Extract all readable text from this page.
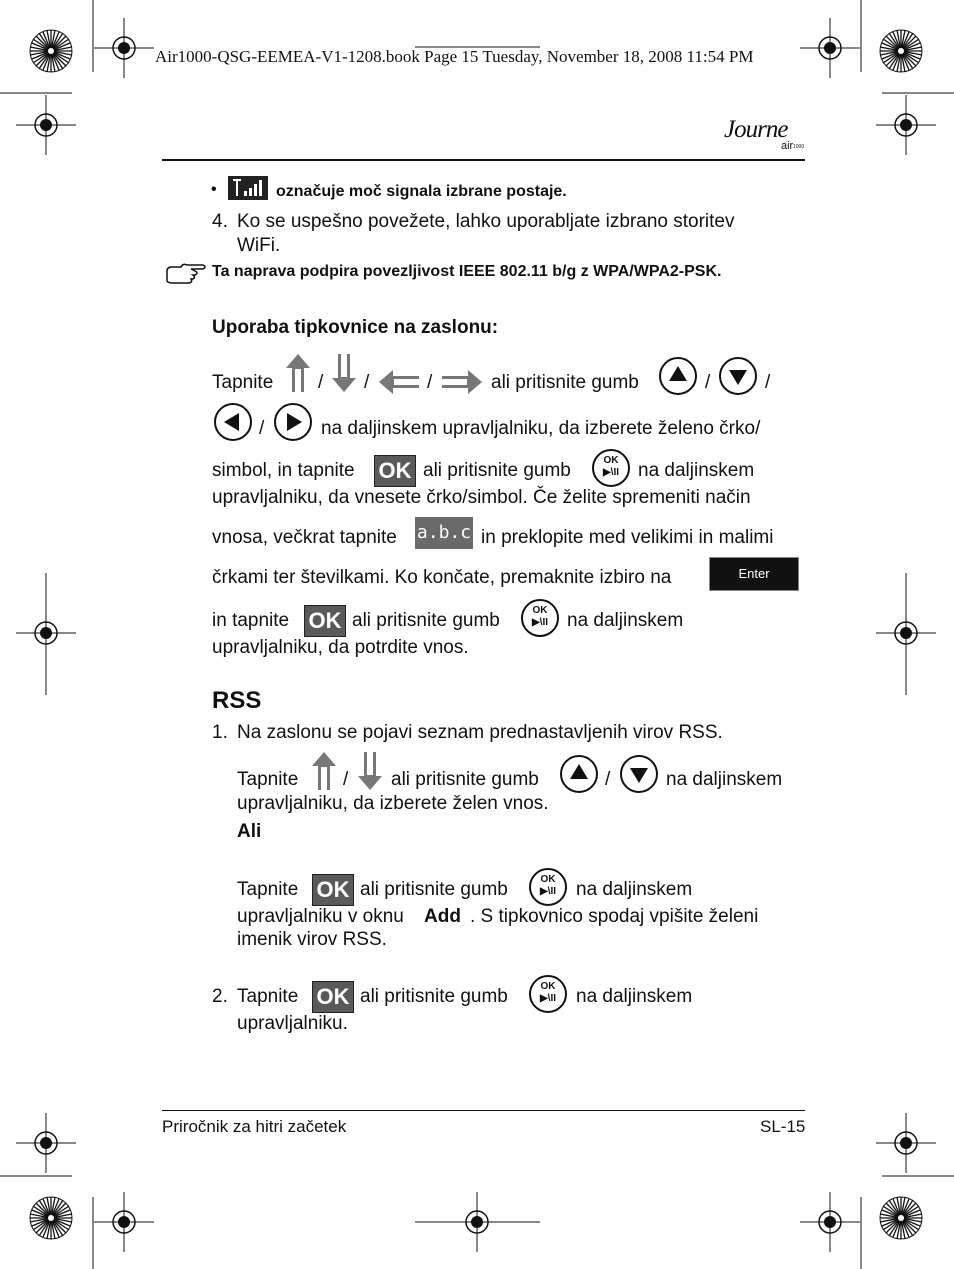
Air1000-QSG-EEMEA-V1-1208.book Page 15 Tuesday, November 18, 2008 11:54 PM
Journe
air 1000
•	označuje moč signala izbrane postaje.
4. Ko se uspešno povežete, lahko uporabljate izbrano storitev
WiFi.
Ta naprava podpira povezljivost IEEE 802.11 b/g z WPA/WPA2-PSK.
Uporaba tipkovnice na zaslonu:
Tapnite / /	/	ali pritisnite gumb	/	/
/	na daljinskem upravljalniku, da izberete želeno črko/
simbol, in tapnite OK ali pritisnite gumb	OK
▶\II na daljinskem
upravljalniku, da vnesete črko/simbol. Če želite spremeniti način
vnosa, večkrat tapnite a.b.c in preklopite med velikimi in malimi
črkami ter številkami. Ko končate, premaknite izbiro na	Enter
in tapnite OK ali pritisnite gumb	OK
▶\II na daljinskem
upravljalniku, da potrdite vnos.
RSS
1. Na zaslonu se pojavi seznam prednastavljenih virov RSS.
Tapnite / ali pritisnite gumb	/	na daljinskem
upravljalniku, da izberete želen vnos.
Ali
Tapnite OK ali pritisnite gumb	OK
▶\II	na daljinskem
upravljalniku v oknu Add . S tipkovnico spodaj vpišite želeni
imenik virov RSS.
2. Tapnite OK ali pritisnite gumb	OK
▶\II	na daljinskem
upravljalniku.
Priročnik za hitri začetek	SL-15
